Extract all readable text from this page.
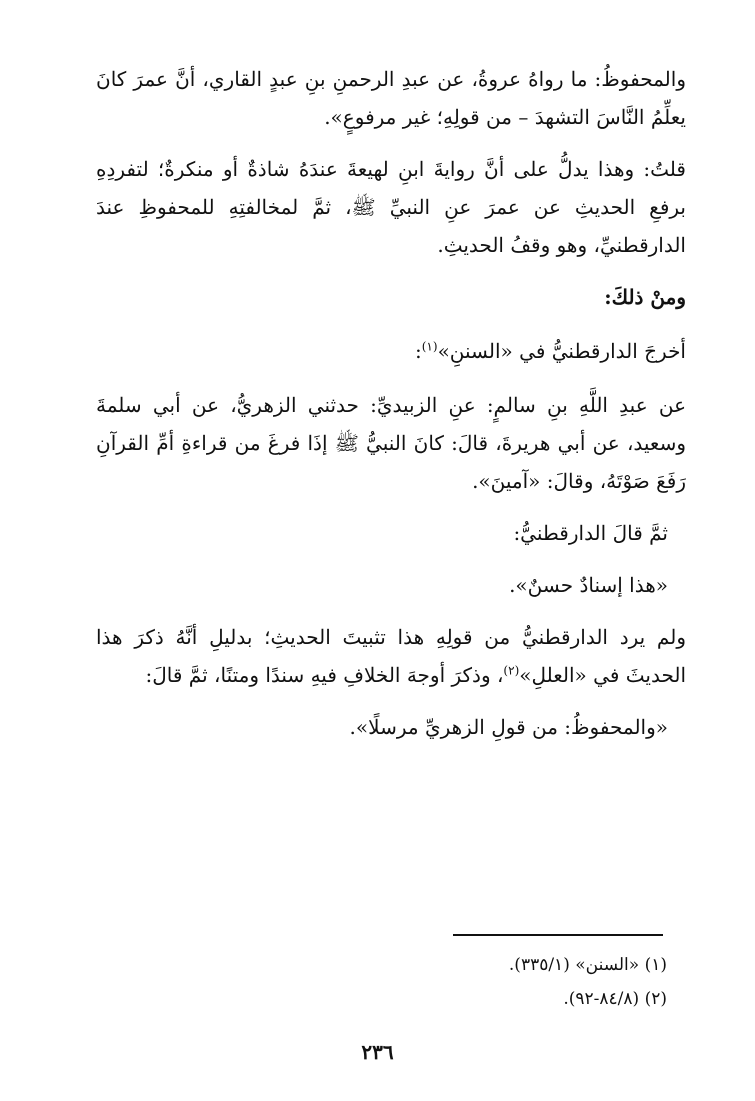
والمحفوظُ: ما رواهُ عروةُ، عن عبدِ الرحمنِ بنِ عبدٍ القاري، أنَّ عمرَ كانَ يعلِّمُ النَّاسَ التشهدَ – من قولِهِ؛ غير مرفوعٍ».

قلتُ: وهذا يدلُّ على أنَّ روايةَ ابنِ لهيعةَ عندَهُ شاذةٌ أو منكرةٌ؛ لتفردِهِ برفعِ الحديثِ عن عمرَ عنِ النبيِّ ﷺ، ثمَّ لمخالفتِهِ للمحفوظِ عندَ الدارقطنيِّ، وهو وقفُ الحديثِ.

ومنْ ذلكَ:

أخرجَ الدارقطنيُّ في «السننِ»$^{(١)}$:

عن عبدِ اللَّهِ بنِ سالمٍ: عنِ الزبيديِّ: حدثني الزهريُّ، عن أبي سلمةَ وسعيد، عن أبي هريرةَ، قالَ: كانَ النبيُّ ﷺ إذَا فرغَ من قراءةِ أمِّ القرآنِ رَفَعَ صَوْتَهُ، وقالَ: «آمينَ».

ثمَّ قالَ الدارقطنيُّ:

«هذا إسنادٌ حسنٌ».

ولم يرد الدارقطنيُّ من قولِهِ هذا تثبيتَ الحديثِ؛ بدليلِ أنَّهُ ذكرَ هذا الحديثَ في «العللِ»$^{(٢)}$، وذكرَ أوجهَ الخلافِ فيهِ سندًا ومتنًا، ثمَّ قالَ:

«والمحفوظُ: من قولِ الزهريِّ مرسلًا».

(١) «السنن» (٣٣٥/١).
(٢) (٨٤/٨-٩٢).
٢٣٦
